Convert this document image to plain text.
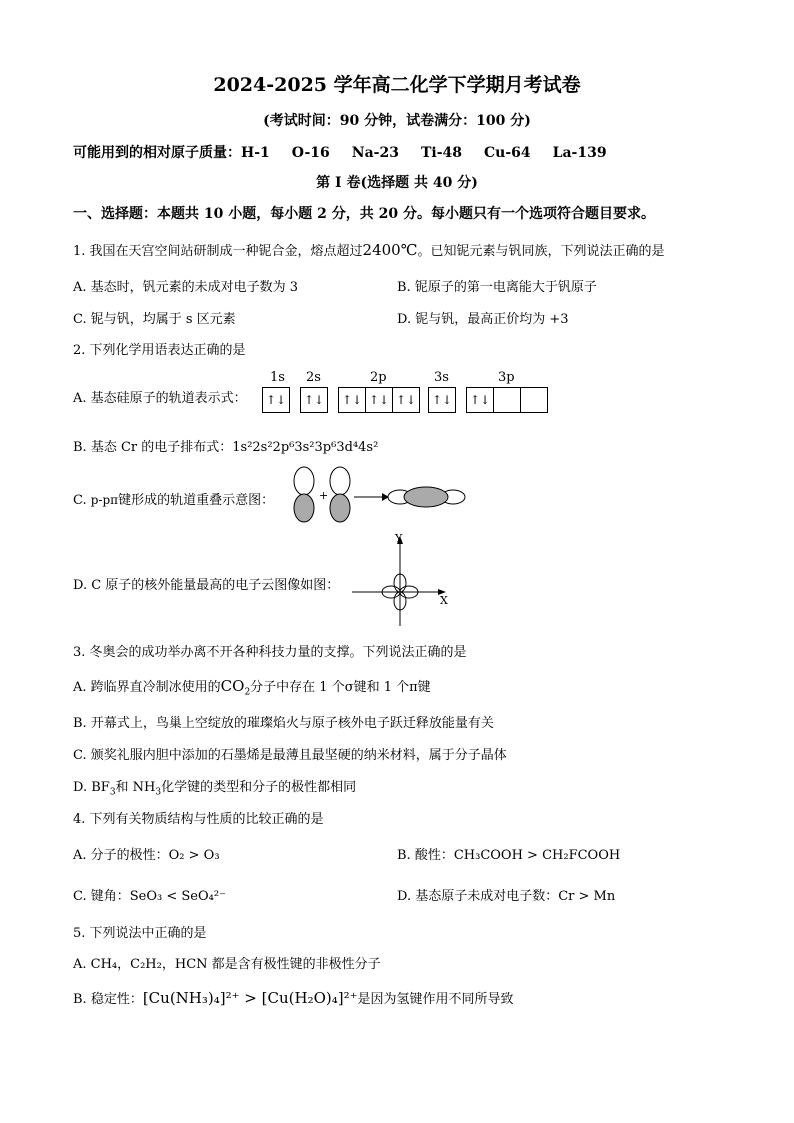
2024-2025 学年高二化学下学期月考试卷
(考试时间：90 分钟，试卷满分：100 分)
可能用到的相对原子质量：H-1 O-16 Na-23 Ti-48 Cu-64 La-139
第 I 卷(选择题 共 40 分)
一、选择题：本题共 10 小题，每小题 2 分，共 20 分。每小题只有一个选项符合题目要求。
1. 我国在天宫空间站研制成一种铌合金，熔点超过2400℃。已知铌元素与钒同族，下列说法正确的是
A. 基态时，钒元素的未成对电子数为 3	B. 铌原子的第一电离能大于钒原子
C. 铌与钒，均属于 s 区元素	D. 铌与钒，最高正价均为 +3
2. 下列化学用语表达正确的是
A. 基态硅原子的轨道表示式：
1s
↑↓
2s
↑↓
2p
↑↓ ↑↓ ↑↓
3s
↑↓
3p
↑↓
B. 基态 Cr 的电子排布式：1s²2s²2p⁶3s²3p⁶3d⁴4s²
C. p-pπ键形成的轨道重叠示意图：	+
D. C 原子的核外能量最高的电子云图像如图：
Y
X
3. 冬奥会的成功举办离不开各种科技力量的支撑。下列说法正确的是
A. 跨临界直冷制冰使用的$CO_2$分子中存在 1 个σ键和 1 个π键
B. 开幕式上，鸟巢上空绽放的璀璨焰火与原子核外电子跃迁释放能量有关
C. 颁奖礼服内胆中添加的石墨烯是最薄且最坚硬的纳米材料，属于分子晶体
D. $BF_3$和 $NH_3$化学键的类型和分子的极性都相同
4. 下列有关物质结构与性质的比较正确的是
A. 分子的极性：O₂ > O₃	B. 酸性：CH₃COOH > CH₂FCOOH
C. 键角：SeO₃ < SeO₄²⁻	D. 基态原子未成对电子数：Cr > Mn
5. 下列说法中正确的是
A. CH₄，C₂H₂，HCN 都是含有极性键的非极性分子
B. 稳定性：[Cu(NH₃)₄]²⁺ > [Cu(H₂O)₄]²⁺是因为氢键作用不同所导致
